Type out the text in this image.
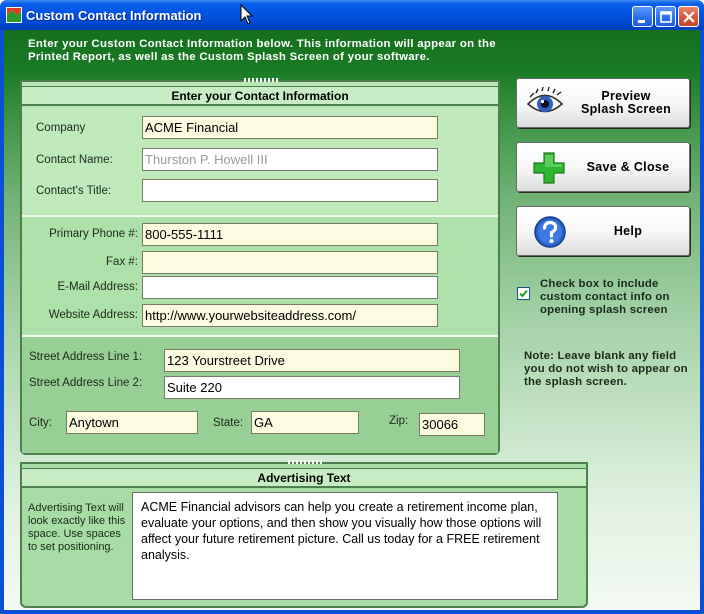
Custom Contact Information
Enter your Custom Contact Information below. This information will appear on the Printed Report, as well as the Custom Splash Screen of your software.
Enter your Contact Information
Company	ACME Financial
Contact Name: Thurston P. Howell III
Contact's Title:
Primary Phone #: 800-555-1111
Fax #:
E-Mail Address:
Website Address: http://www.yourwebsiteaddress.com/
Street Address Line 1: 123 Yourstreet Drive
Street Address Line 2: Suite 220
City: Anytown	State: GA	Zip: 30066
Preview
Splash Screen
Save & Close
Help
Check box to include custom contact info on opening splash screen
Note: Leave blank any field you do not wish to appear on the splash screen.
Advertising Text
Advertising Text will look exactly like this space. Use spaces to set positioning.
ACME Financial advisors can help you create a retirement income plan, evaluate your options, and then show you visually how those options will affect your future retirement picture. Call us today for a FREE retirement analysis.
